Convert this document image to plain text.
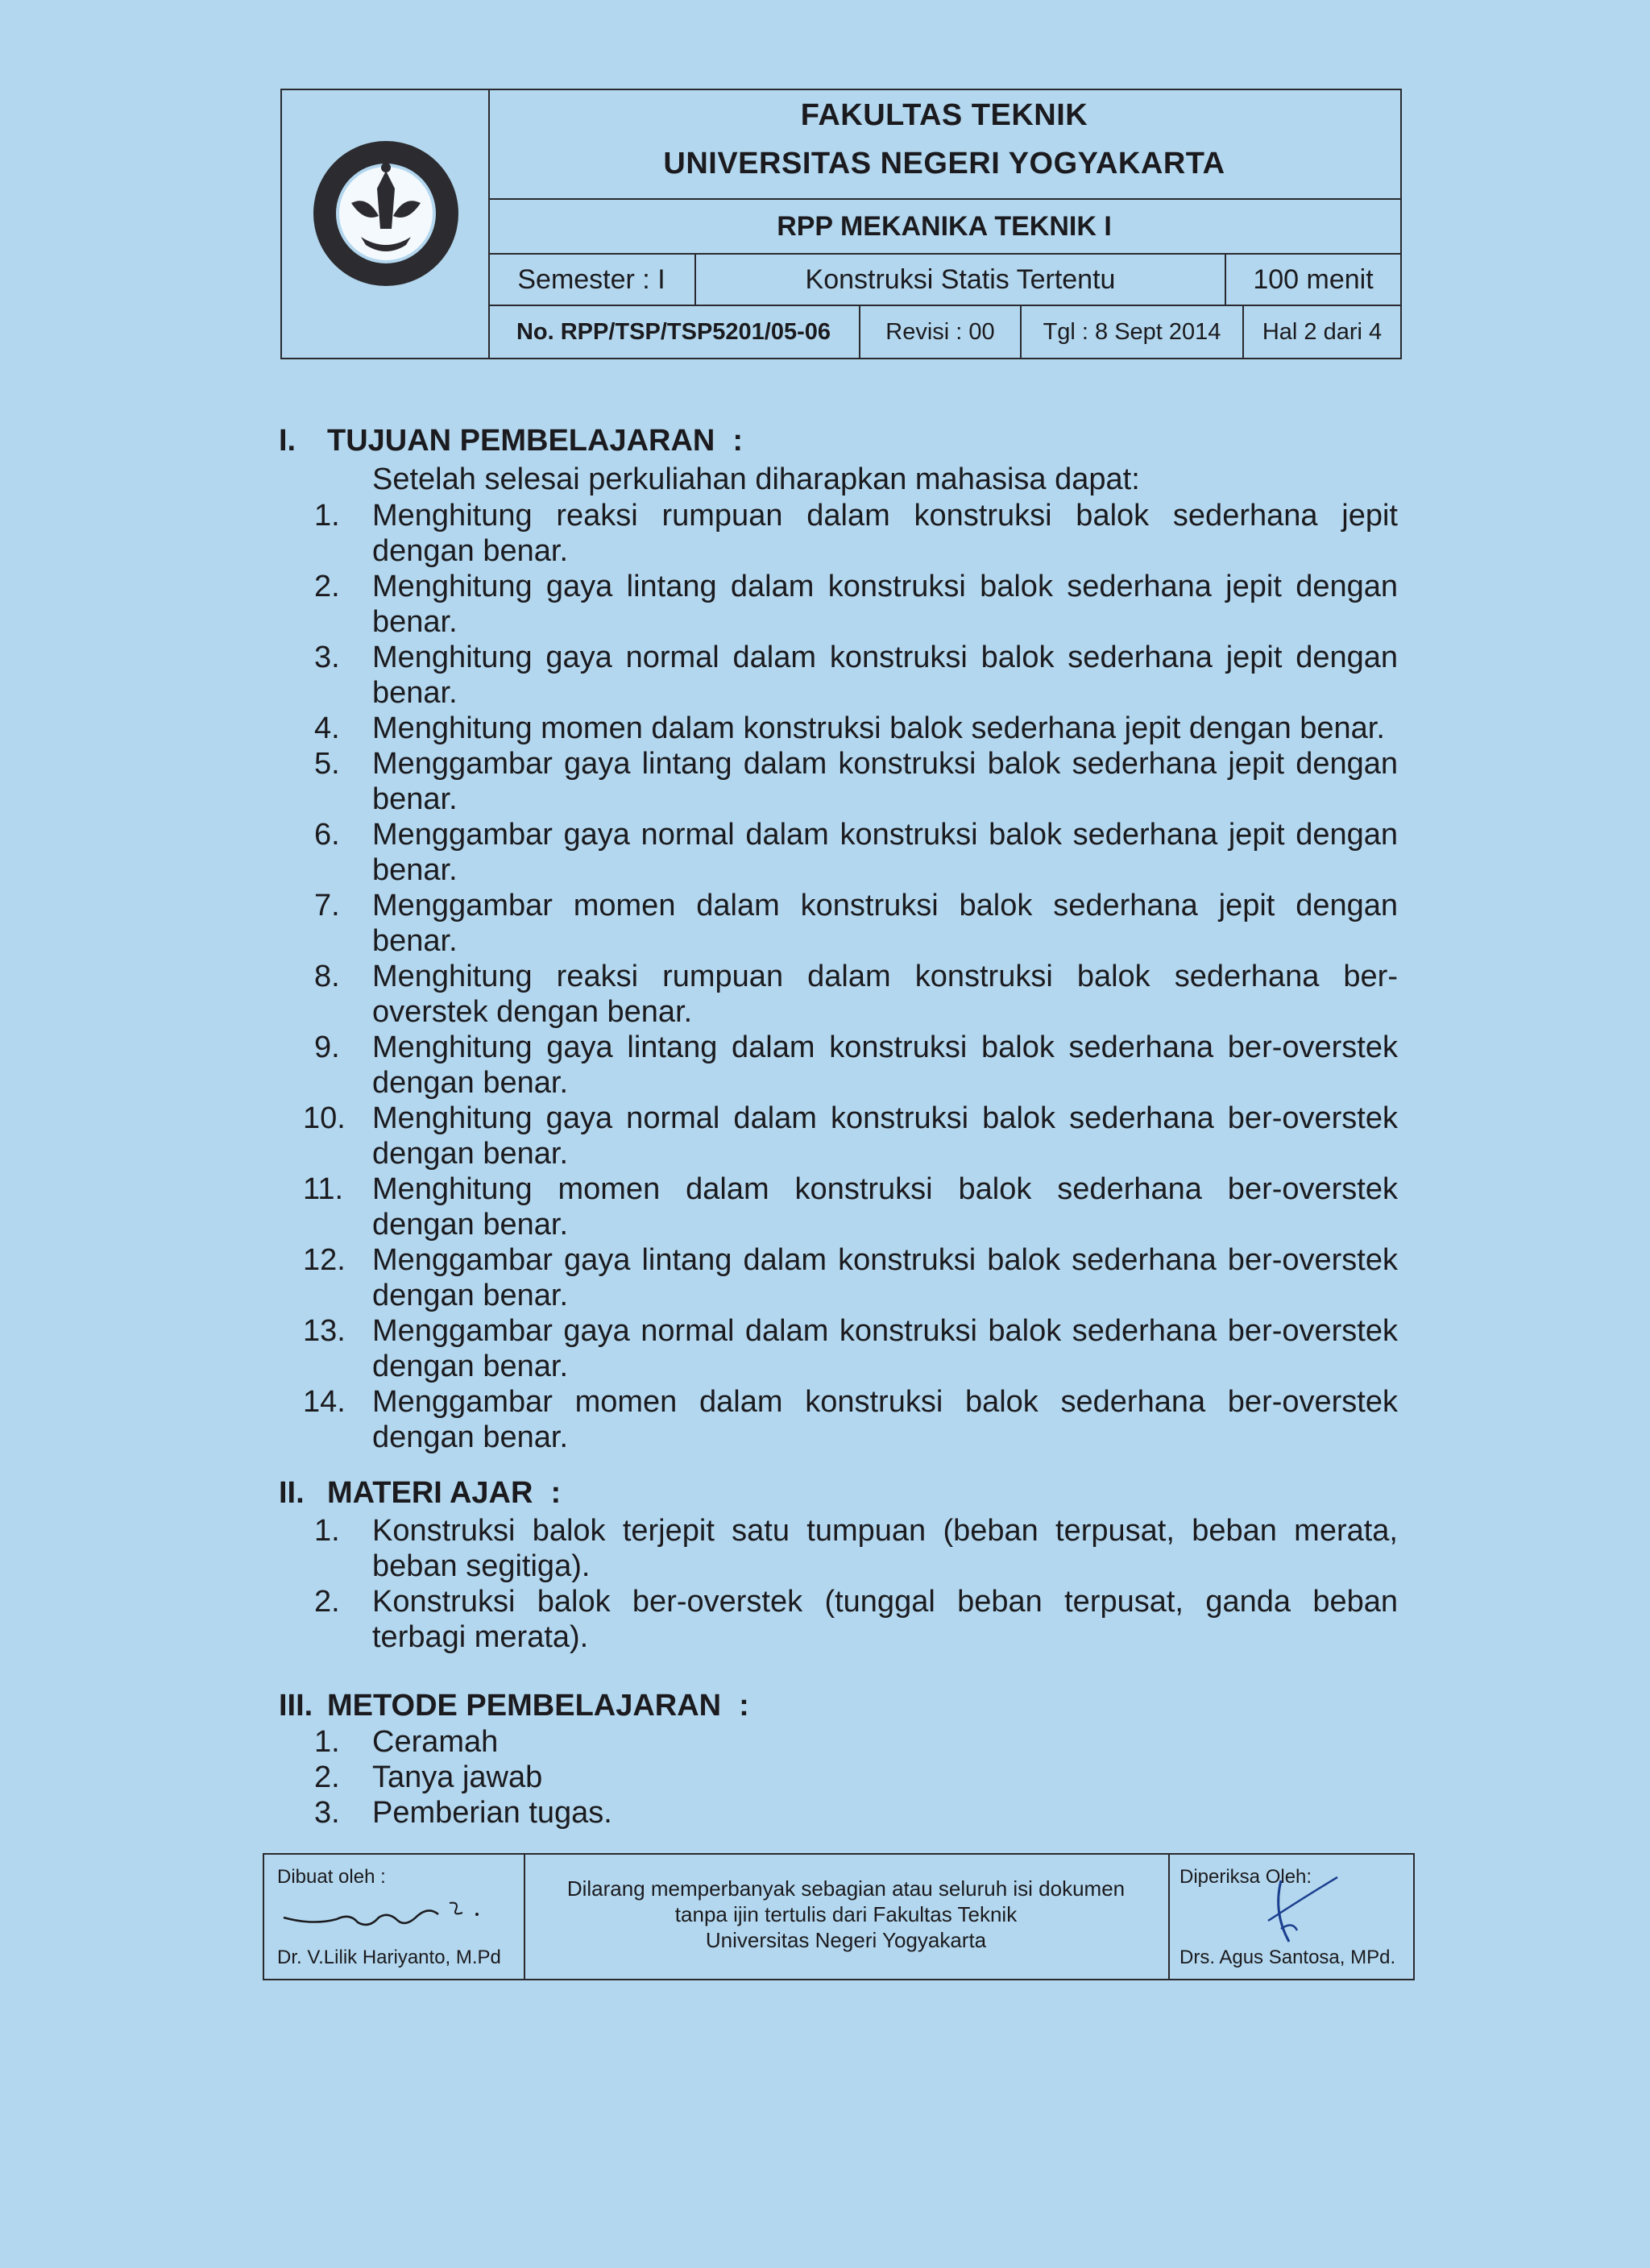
FAKULTAS TEKNIK
UNIVERSITAS NEGERI YOGYAKARTA
RPP MEKANIKA TEKNIK I
Semester : I	Konstruksi Statis Tertentu	100 menit
No. RPP/TSP/TSP5201/05-06	Revisi : 00	Tgl : 8 Sept 2014	Hal 2 dari 4
I. TUJUAN PEMBELAJARAN :
Setelah selesai perkuliahan diharapkan mahasisa dapat:
1.	Menghitung reaksi rumpuan dalam konstruksi balok sederhana jepit dengan benar.
2.	Menghitung gaya lintang dalam konstruksi balok sederhana jepit dengan benar.
3.	Menghitung gaya normal dalam konstruksi balok sederhana jepit dengan benar.
4.	Menghitung momen dalam konstruksi balok sederhana jepit dengan benar.
5.	Menggambar gaya lintang dalam konstruksi balok sederhana jepit dengan benar.
6.	Menggambar gaya normal dalam konstruksi balok sederhana jepit dengan benar.
7.	Menggambar momen dalam konstruksi balok sederhana jepit dengan benar.
8.	Menghitung reaksi rumpuan dalam konstruksi balok sederhana ber-overstek dengan benar.
9.	Menghitung gaya lintang dalam konstruksi balok sederhana ber-overstek dengan benar.
10. Menghitung gaya normal dalam konstruksi balok sederhana ber-overstek dengan benar.
11. Menghitung momen dalam konstruksi balok sederhana ber-overstek dengan benar.
12. Menggambar gaya lintang dalam konstruksi balok sederhana ber-overstek dengan benar.
13. Menggambar gaya normal dalam konstruksi balok sederhana ber-overstek dengan benar.
14. Menggambar momen dalam konstruksi balok sederhana ber-overstek dengan benar.
II. MATERI AJAR :
1.	Konstruksi balok terjepit satu tumpuan (beban terpusat, beban merata, beban segitiga).
2.	Konstruksi balok ber-overstek (tunggal beban terpusat, ganda beban terbagi merata).
III. METODE PEMBELAJARAN :
1.	Ceramah
2.	Tanya jawab
3.	Pemberian tugas.
Dibuat oleh :
Dr. V.Lilik Hariyanto, M.Pd
Dilarang memperbanyak sebagian atau seluruh isi dokumen
tanpa ijin tertulis dari Fakultas Teknik
Universitas Negeri Yogyakarta
Diperiksa Oleh:
Drs. Agus Santosa, MPd.
